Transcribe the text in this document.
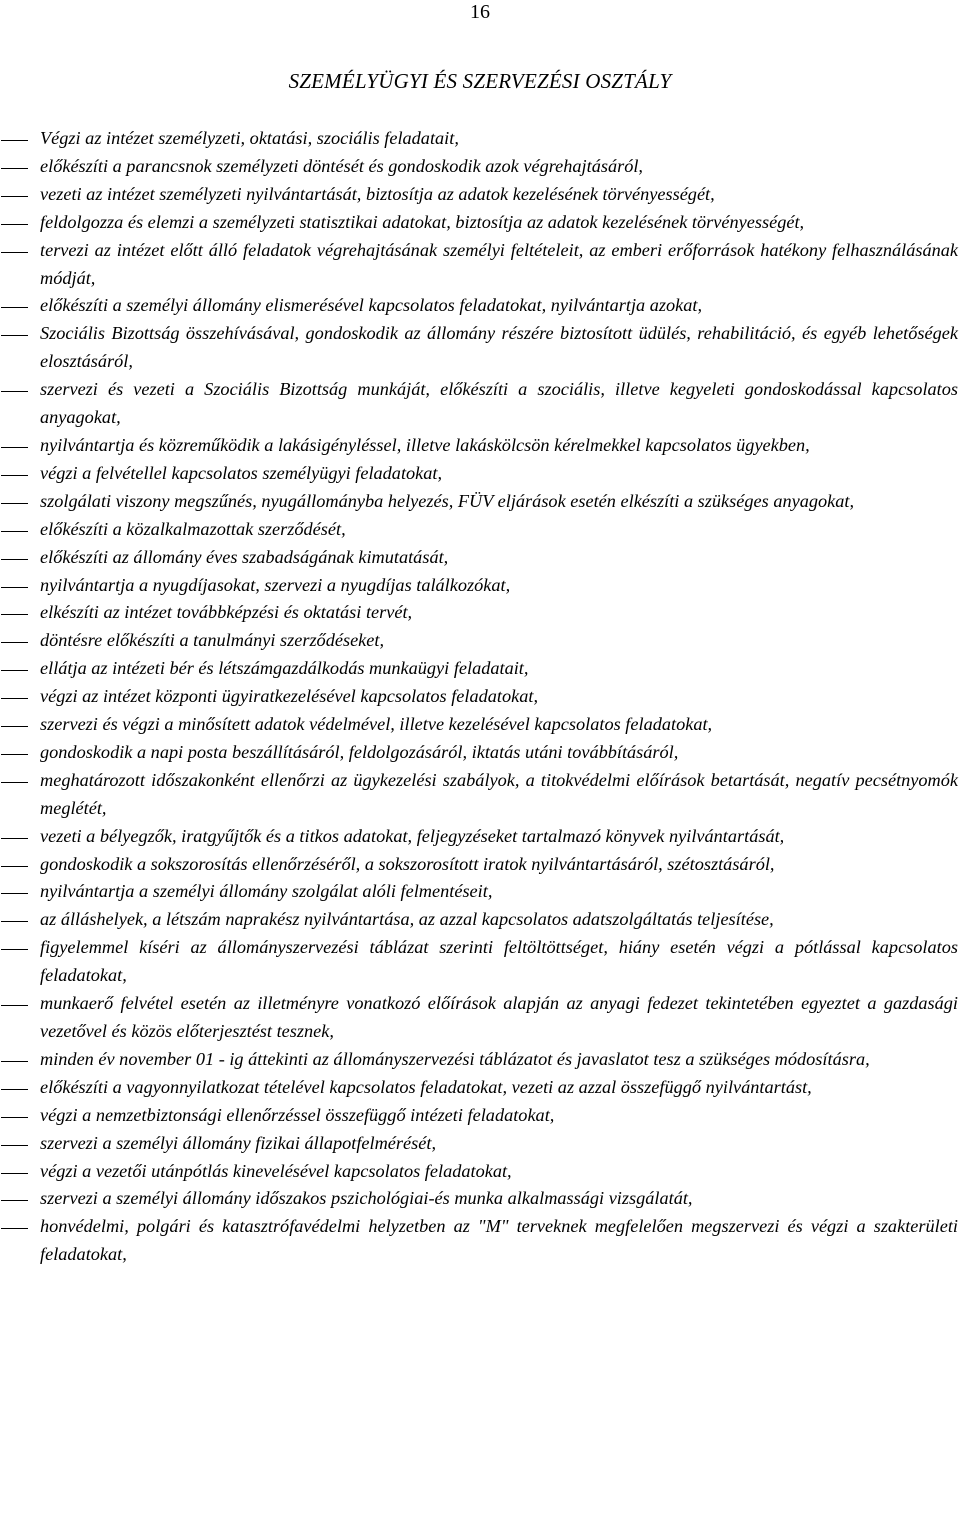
16
SZEMÉLYÜGYI ÉS SZERVEZÉSI OSZTÁLY
Végzi az intézet személyzeti, oktatási, szociális feladatait,
előkészíti a parancsnok személyzeti döntését és gondoskodik azok végrehajtásáról,
vezeti az intézet személyzeti nyilvántartását, biztosítja az adatok kezelésének törvényességét,
feldolgozza és elemzi a személyzeti statisztikai adatokat, biztosítja az adatok kezelésének törvényességét,
tervezi az intézet előtt álló feladatok végrehajtásának személyi feltételeit, az emberi erőforrások hatékony felhasználásának módját,
előkészíti a személyi állomány elismerésével kapcsolatos feladatokat, nyilvántartja azokat,
Szociális Bizottság összehívásával, gondoskodik az állomány részére biztosított üdülés, rehabilitáció, és egyéb lehetőségek elosztásáról,
szervezi és vezeti a Szociális Bizottság munkáját, előkészíti a szociális, illetve kegyeleti gondoskodással kapcsolatos anyagokat,
nyilvántartja és közreműködik a lakásigényléssel, illetve lakáskölcsön kérelmekkel kapcsolatos ügyekben,
végzi a felvétellel kapcsolatos személyügyi feladatokat,
szolgálati viszony megszűnés, nyugállományba helyezés, FÜV eljárások esetén elkészíti a szükséges anyagokat,
előkészíti a közalkalmazottak szerződését,
előkészíti az állomány éves szabadságának kimutatását,
nyilvántartja a nyugdíjasokat, szervezi a nyugdíjas találkozókat,
elkészíti az intézet továbbképzési és oktatási tervét,
döntésre előkészíti a tanulmányi szerződéseket,
ellátja az intézeti bér és létszámgazdálkodás munkaügyi feladatait,
végzi az intézet központi ügyiratkezelésével kapcsolatos feladatokat,
szervezi és végzi a minősített adatok védelmével, illetve kezelésével kapcsolatos feladatokat,
gondoskodik a napi posta beszállításáról, feldolgozásáról, iktatás utáni továbbításáról,
meghatározott időszakonként ellenőrzi az ügykezelési szabályok, a titokvédelmi előírások betartását, negatív pecsétnyomók meglétét,
vezeti a bélyegzők, iratgyűjtők és a titkos adatokat, feljegyzéseket tartalmazó könyvek nyilvántartását,
gondoskodik a sokszorosítás ellenőrzéséről, a sokszorosított iratok nyilvántartásáról, szétosztásáról,
nyilvántartja a személyi állomány szolgálat alóli felmentéseit,
az álláshelyek, a létszám naprakész nyilvántartása, az azzal kapcsolatos adatszolgáltatás teljesítése,
figyelemmel kíséri az állományszervezési táblázat szerinti feltöltöttséget, hiány esetén végzi a pótlással kapcsolatos feladatokat,
munkaerő felvétel esetén az illetményre vonatkozó előírások alapján az anyagi fedezet tekintetében egyeztet a gazdasági vezetővel és közös előterjesztést tesznek,
minden év november 01 - ig áttekinti az állományszervezési táblázatot és javaslatot tesz a szükséges módosításra,
előkészíti a vagyonnyilatkozat tételével kapcsolatos feladatokat, vezeti az azzal összefüggő nyilvántartást,
végzi a nemzetbiztonsági ellenőrzéssel összefüggő intézeti feladatokat,
szervezi a személyi állomány fizikai állapotfelmérését,
végzi a vezetői utánpótlás kinevelésével kapcsolatos feladatokat,
szervezi a személyi állomány időszakos pszichológiai-és munka alkalmassági vizsgálatát,
honvédelmi, polgári és katasztrófavédelmi helyzetben az "M" terveknek megfelelően megszervezi és végzi a szakterületi feladatokat,
